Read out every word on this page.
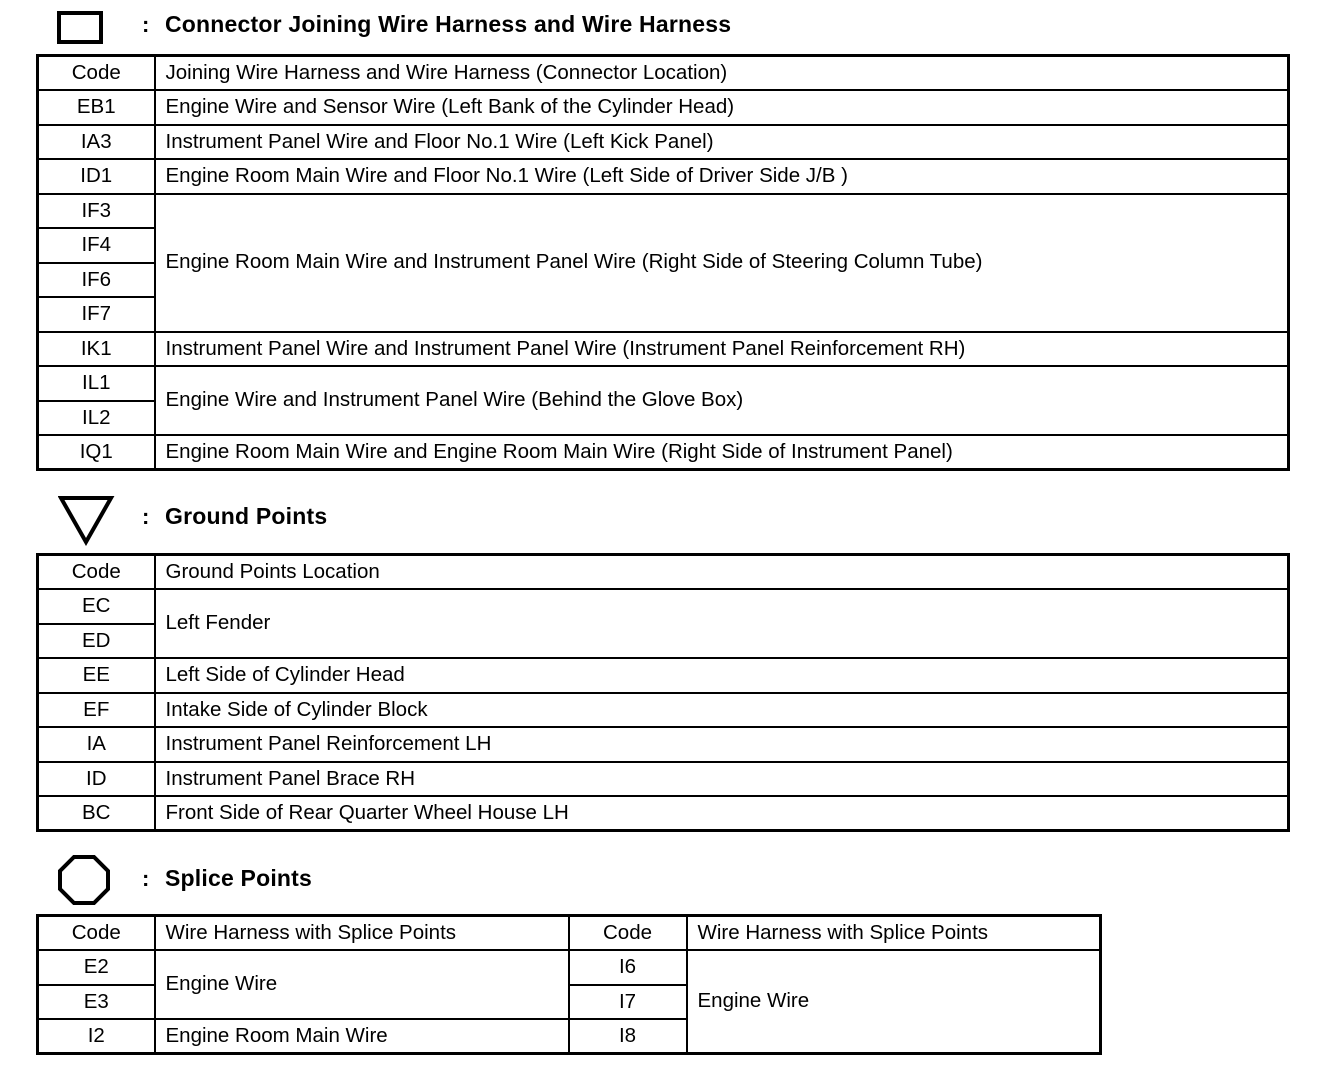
: Connector Joining Wire Harness and Wire Harness
Code	Joining Wire Harness and Wire Harness (Connector Location)
EB1	Engine Wire and Sensor Wire (Left Bank of the Cylinder Head)
IA3	Instrument Panel Wire and Floor No.1 Wire (Left Kick Panel)
ID1	Engine Room Main Wire and Floor No.1 Wire (Left Side of Driver Side J/B )
IF3	Engine Room Main Wire and Instrument Panel Wire (Right Side of Steering Column Tube)
IF4	
IF6	
IF7	
IK1	Instrument Panel Wire and Instrument Panel Wire (Instrument Panel Reinforcement RH)
IL1	Engine Wire and Instrument Panel Wire (Behind the Glove Box)
IL2	
IQ1	Engine Room Main Wire and Engine Room Main Wire (Right Side of Instrument Panel)
: Ground Points
Code	Ground Points Location
EC	Left Fender
ED	
EE	Left Side of Cylinder Head
EF	Intake Side of Cylinder Block
IA	Instrument Panel Reinforcement LH
ID	Instrument Panel Brace RH
BC	Front Side of Rear Quarter Wheel House LH
: Splice Points
Code	Wire Harness with Splice Points	Code	Wire Harness with Splice Points
E2	Engine Wire	I6	Engine Wire
E3		I7	
I2	Engine Room Main Wire	I8	
